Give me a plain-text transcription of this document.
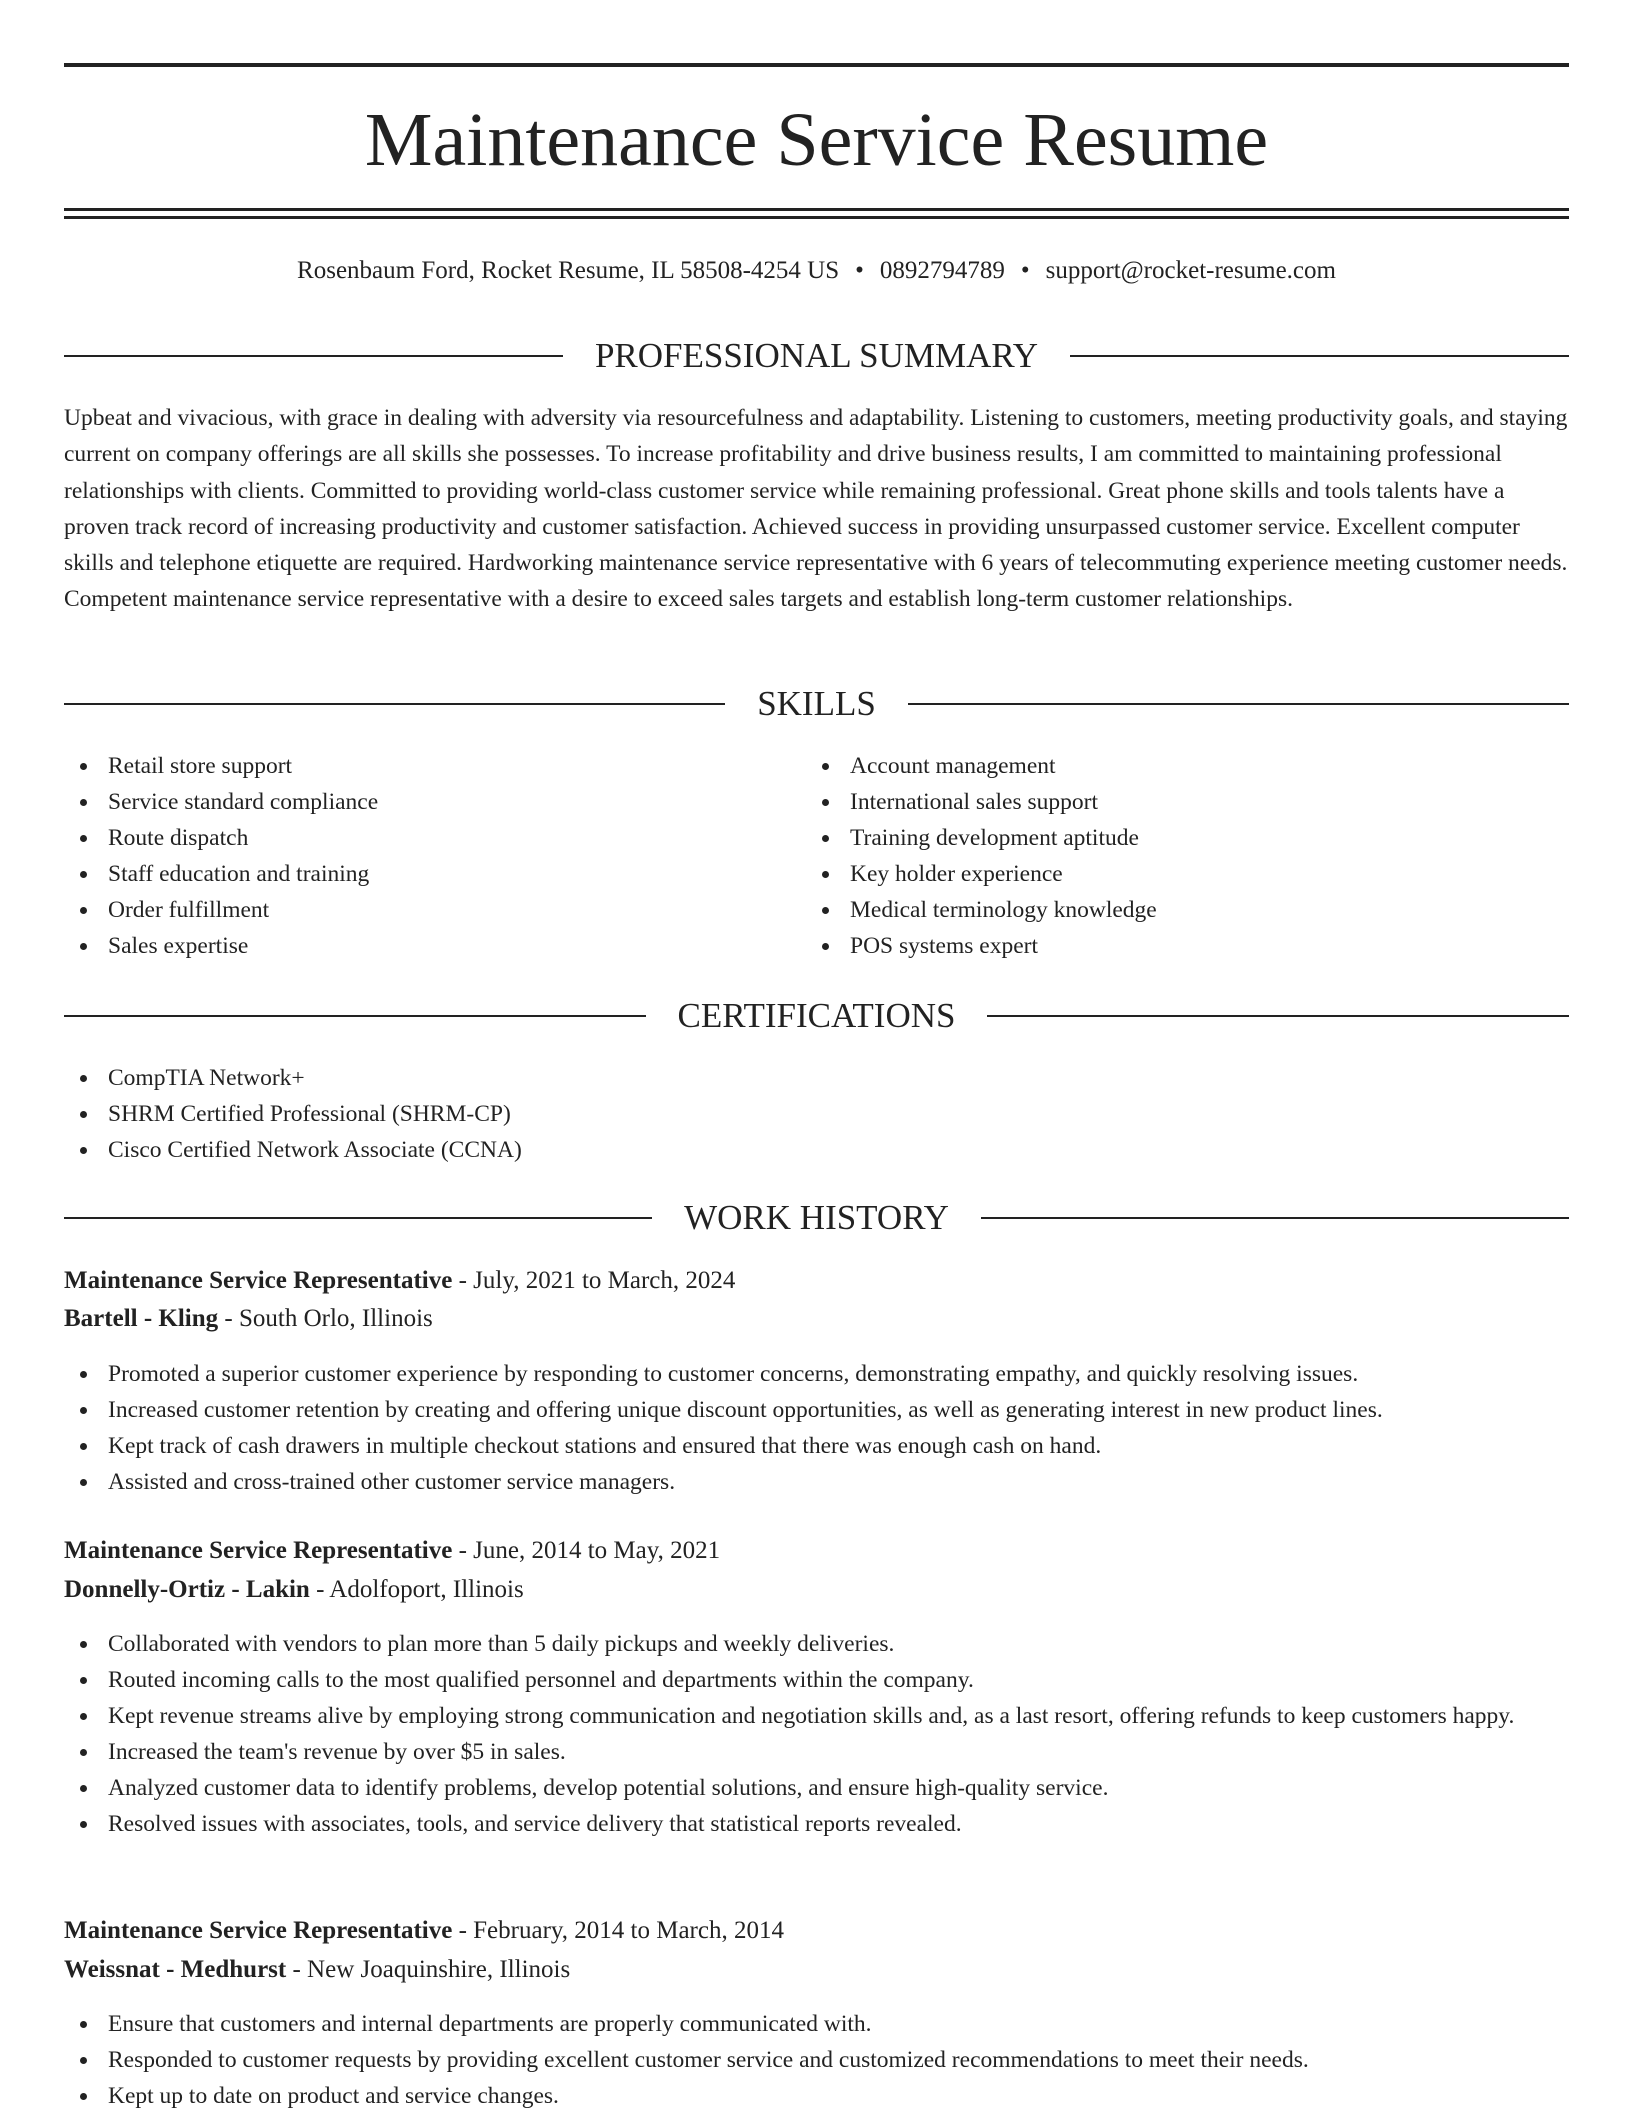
Maintenance Service Resume
Rosenbaum Ford, Rocket Resume, IL 58508-4254 US • 0892794789 • support@rocket-resume.com
PROFESSIONAL SUMMARY

Upbeat and vivacious, with grace in dealing with adversity via resourcefulness and adaptability. Listening to customers, meeting productivity goals, and staying current on company offerings are all skills she possesses. To increase profitability and drive business results, I am committed to maintaining professional relationships with clients. Committed to providing world-class customer service while remaining professional. Great phone skills and tools talents have a proven track record of increasing productivity and customer satisfaction. Achieved success in providing unsurpassed customer service. Excellent computer skills and telephone etiquette are required. Hardworking maintenance service representative with 6 years of telecommuting experience meeting customer needs. Competent maintenance service representative with a desire to exceed sales targets and establish long-term customer relationships.

SKILLS
Retail store support
Service standard compliance
Route dispatch
Staff education and training
Order fulfillment
Sales expertise
Account management
International sales support
Training development aptitude
Key holder experience
Medical terminology knowledge
POS systems expert
CERTIFICATIONS
CompTIA Network+
SHRM Certified Professional (SHRM-CP)
Cisco Certified Network Associate (CCNA)
WORK HISTORY
Maintenance Service Representative - July, 2021 to March, 2024
Bartell - Kling - South Orlo, Illinois
Promoted a superior customer experience by responding to customer concerns, demonstrating empathy, and quickly resolving issues.
Increased customer retention by creating and offering unique discount opportunities, as well as generating interest in new product lines.
Kept track of cash drawers in multiple checkout stations and ensured that there was enough cash on hand.
Assisted and cross-trained other customer service managers.
Maintenance Service Representative - June, 2014 to May, 2021
Donnelly-Ortiz - Lakin - Adolfoport, Illinois
Collaborated with vendors to plan more than 5 daily pickups and weekly deliveries.
Routed incoming calls to the most qualified personnel and departments within the company.
Kept revenue streams alive by employing strong communication and negotiation skills and, as a last resort, offering refunds to keep customers happy.
Increased the team's revenue by over $5 in sales.
Analyzed customer data to identify problems, develop potential solutions, and ensure high-quality service.
Resolved issues with associates, tools, and service delivery that statistical reports revealed.
Maintenance Service Representative - February, 2014 to March, 2014
Weissnat - Medhurst - New Joaquinshire, Illinois
Ensure that customers and internal departments are properly communicated with.
Responded to customer requests by providing excellent customer service and customized recommendations to meet their needs.
Kept up to date on product and service changes.
